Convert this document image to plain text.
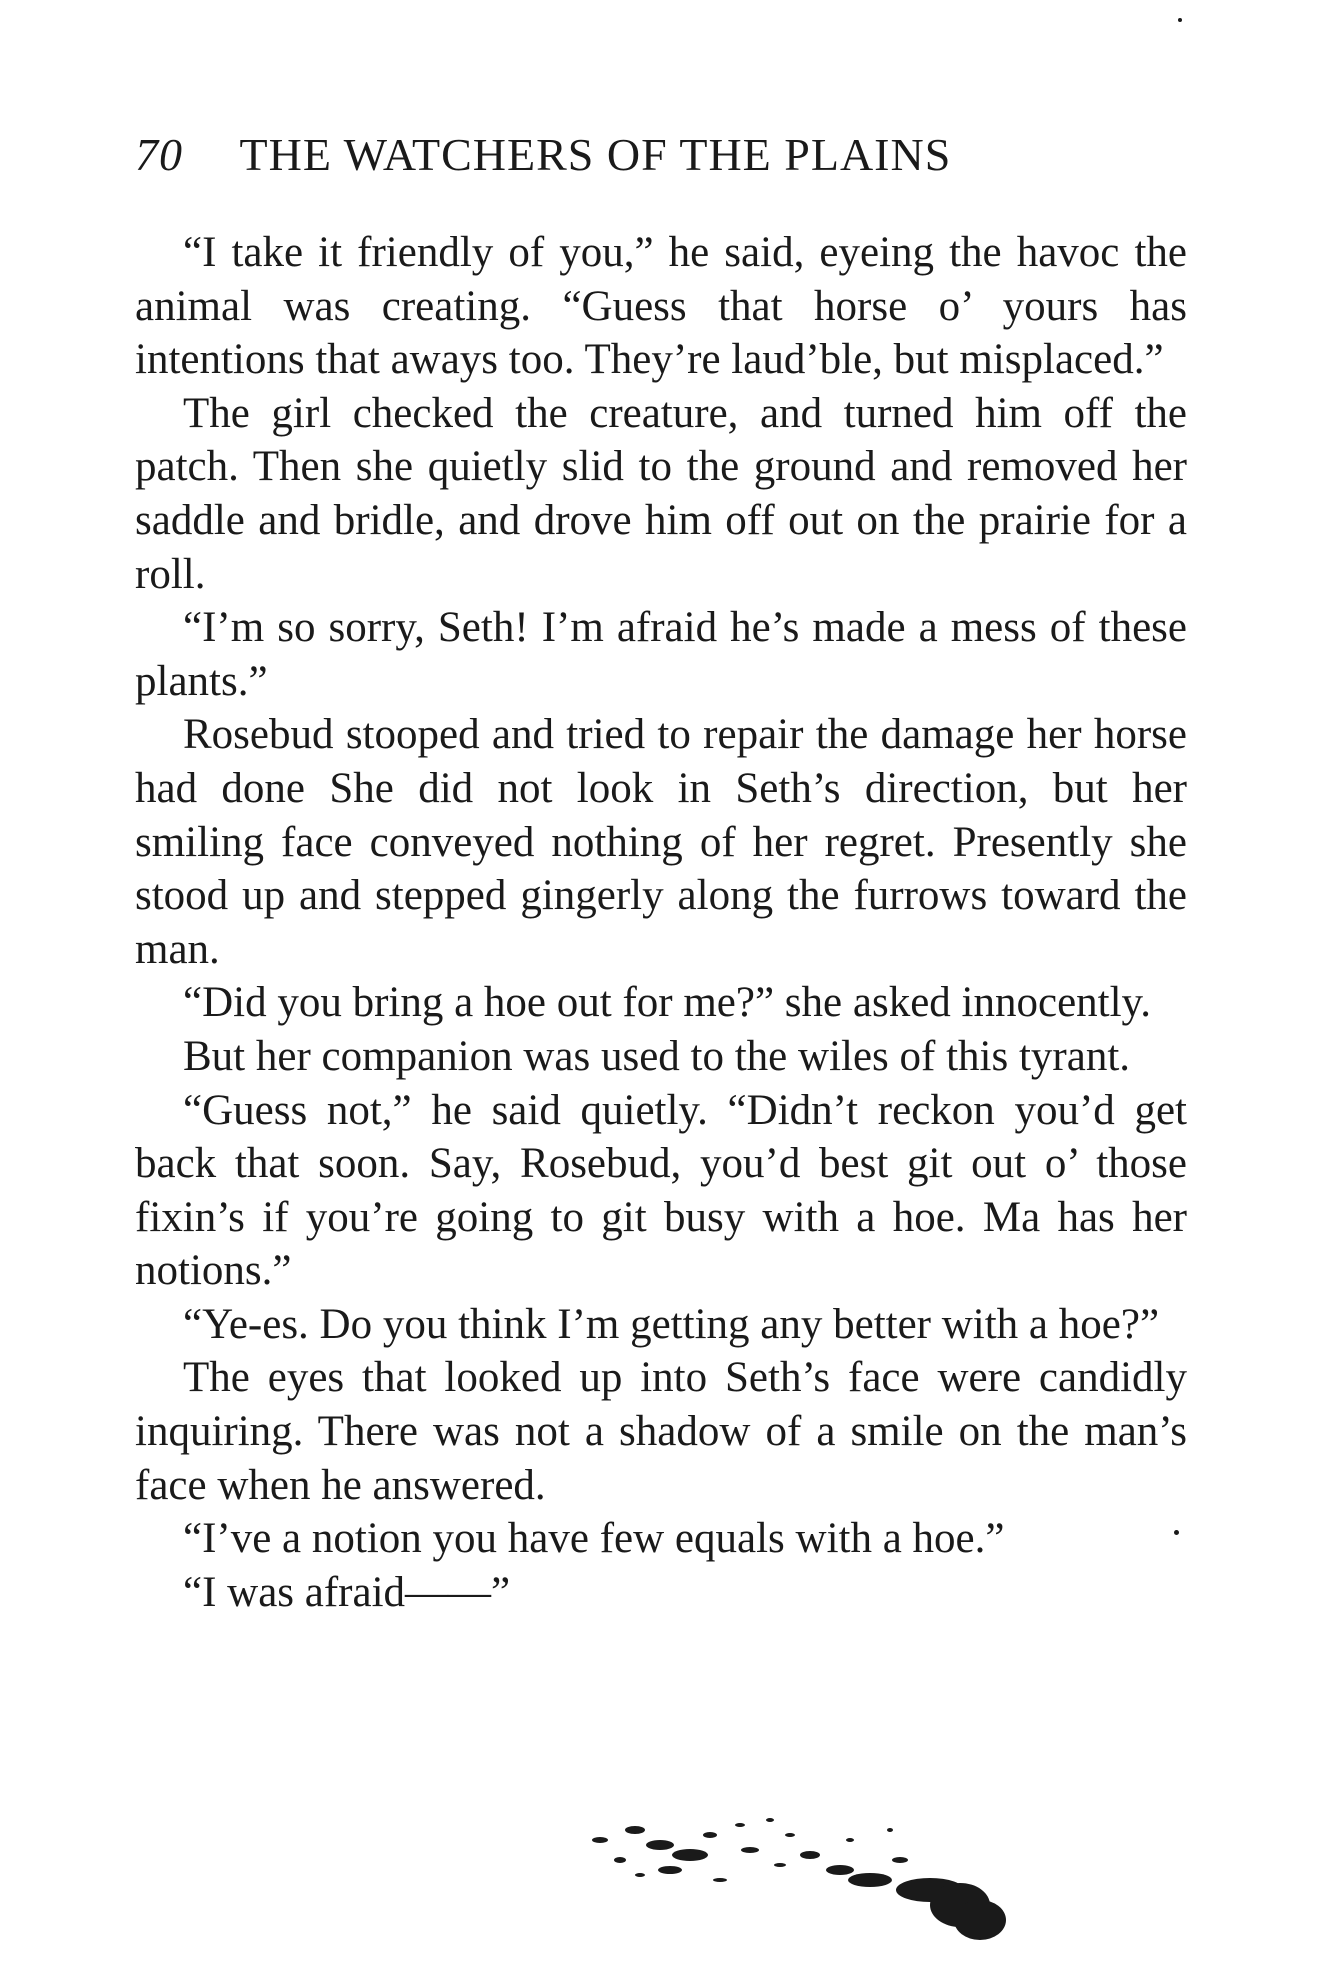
70 THE WATCHERS OF THE PLAINS

“I take it friendly of you,” he said, eyeing the havoc the animal was creating. “Guess that horse o’ yours has intentions that aways too. They’re laud’ble, but misplaced.”

The girl checked the creature, and turned him off the patch. Then she quietly slid to the ground and removed her saddle and bridle, and drove him off out on the prairie for a roll.

“I’m so sorry, Seth! I’m afraid he’s made a mess of these plants.”

Rosebud stooped and tried to repair the damage her horse had done She did not look in Seth’s direction, but her smiling face conveyed nothing of her regret. Presently she stood up and stepped gingerly along the furrows toward the man.

“Did you bring a hoe out for me?” she asked innocently.

But her companion was used to the wiles of this tyrant.

“Guess not,” he said quietly. “Didn’t reckon you’d get back that soon. Say, Rosebud, you’d best git out o’ those fixin’s if you’re going to git busy with a hoe. Ma has her notions.”

“Ye-es. Do you think I’m getting any better with a hoe?”

The eyes that looked up into Seth’s face were candidly inquiring. There was not a shadow of a smile on the man’s face when he answered.

“I’ve a notion you have few equals with a hoe.”

“I was afraid——”
